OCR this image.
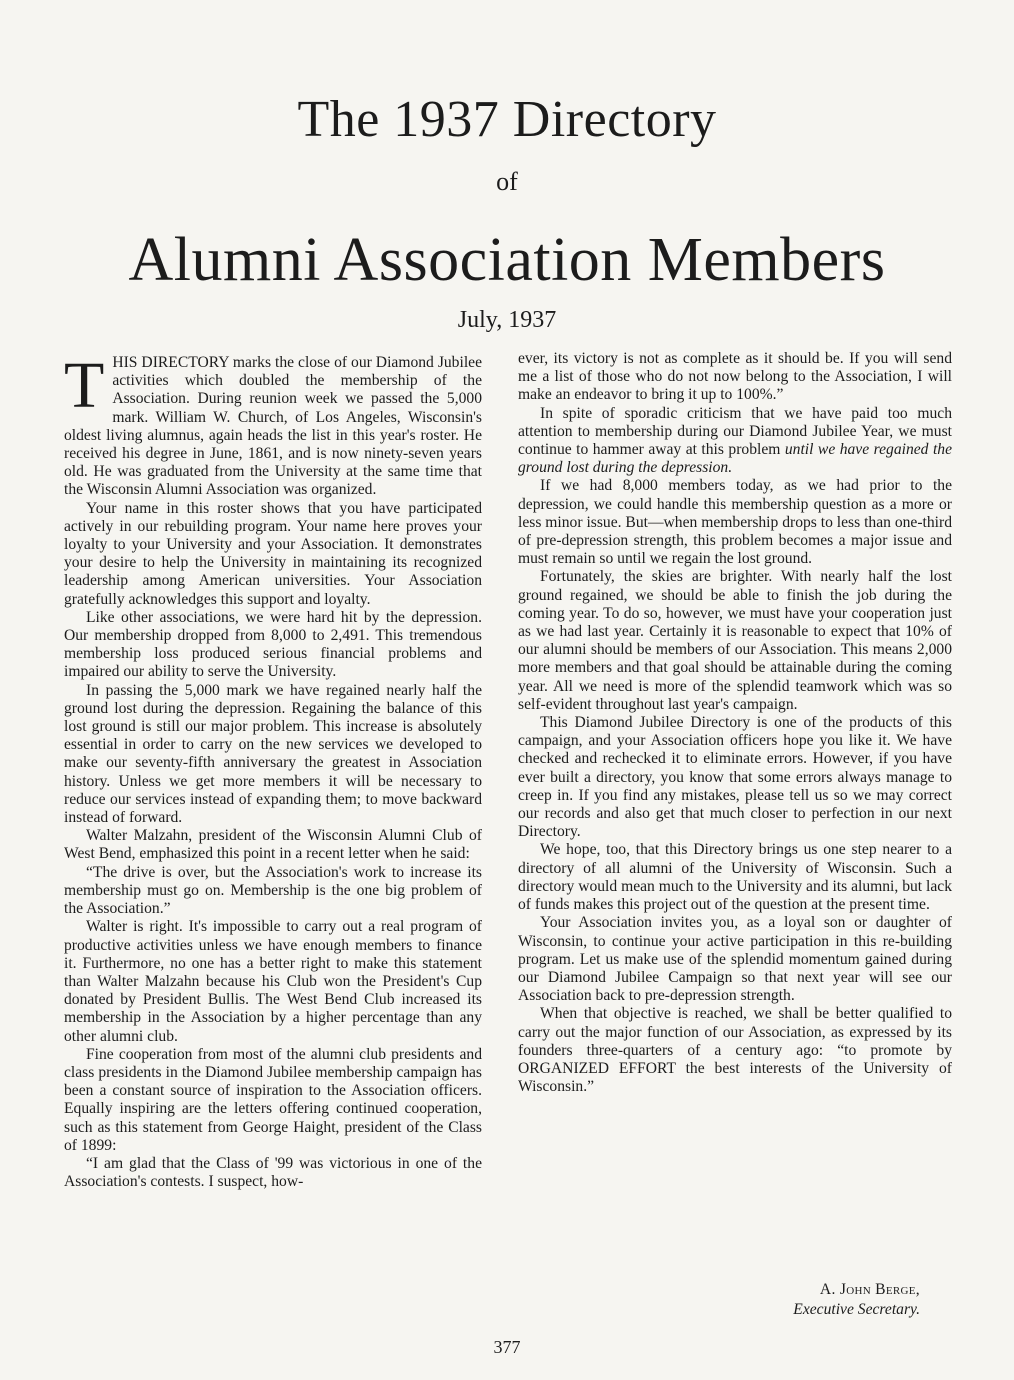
The 1937 Directory
of
Alumni Association Members
July, 1937

THIS DIRECTORY marks the close of our Diamond Jubilee activities which doubled the membership of the Association. During reunion week we passed the 5,000 mark. William W. Church, of Los Angeles, Wisconsin's oldest living alumnus, again heads the list in this year's roster. He received his degree in June, 1861, and is now ninety-seven years old. He was graduated from the University at the same time that the Wisconsin Alumni Association was organized.

Your name in this roster shows that you have participated actively in our rebuilding program. Your name here proves your loyalty to your University and your Association. It demonstrates your desire to help the University in maintaining its recognized leadership among American universities. Your Association gratefully acknowledges this support and loyalty.

Like other associations, we were hard hit by the depression. Our membership dropped from 8,000 to 2,491. This tremendous membership loss produced serious financial problems and impaired our ability to serve the University.

In passing the 5,000 mark we have regained nearly half the ground lost during the depression. Regaining the balance of this lost ground is still our major problem. This increase is absolutely essential in order to carry on the new services we developed to make our seventy-fifth anniversary the greatest in Association history. Unless we get more members it will be necessary to reduce our services instead of expanding them; to move backward instead of forward.

Walter Malzahn, president of the Wisconsin Alumni Club of West Bend, emphasized this point in a recent letter when he said:

“The drive is over, but the Association's work to increase its membership must go on. Membership is the one big problem of the Association.”

Walter is right. It's impossible to carry out a real program of productive activities unless we have enough members to finance it. Furthermore, no one has a better right to make this statement than Walter Malzahn because his Club won the President's Cup donated by President Bullis. The West Bend Club increased its membership in the Association by a higher percentage than any other alumni club.

Fine cooperation from most of the alumni club presidents and class presidents in the Diamond Jubilee membership campaign has been a constant source of inspiration to the Association officers. Equally inspiring are the letters offering continued cooperation, such as this statement from George Haight, president of the Class of 1899:

“I am glad that the Class of '99 was victorious in one of the Association's contests. I suspect, how-

ever, its victory is not as complete as it should be. If you will send me a list of those who do not now belong to the Association, I will make an endeavor to bring it up to 100%.”

In spite of sporadic criticism that we have paid too much attention to membership during our Diamond Jubilee Year, we must continue to hammer away at this problem until we have regained the ground lost during the depression.

If we had 8,000 members today, as we had prior to the depression, we could handle this membership question as a more or less minor issue. But—when membership drops to less than one-third of pre-depression strength, this problem becomes a major issue and must remain so until we regain the lost ground.

Fortunately, the skies are brighter. With nearly half the lost ground regained, we should be able to finish the job during the coming year. To do so, however, we must have your cooperation just as we had last year. Certainly it is reasonable to expect that 10% of our alumni should be members of our Association. This means 2,000 more members and that goal should be attainable during the coming year. All we need is more of the splendid teamwork which was so self-evident throughout last year's campaign.

This Diamond Jubilee Directory is one of the products of this campaign, and your Association officers hope you like it. We have checked and rechecked it to eliminate errors. However, if you have ever built a directory, you know that some errors always manage to creep in. If you find any mistakes, please tell us so we may correct our records and also get that much closer to perfection in our next Directory.

We hope, too, that this Directory brings us one step nearer to a directory of all alumni of the University of Wisconsin. Such a directory would mean much to the University and its alumni, but lack of funds makes this project out of the question at the present time.

Your Association invites you, as a loyal son or daughter of Wisconsin, to continue your active participation in this re-building program. Let us make use of the splendid momentum gained during our Diamond Jubilee Campaign so that next year will see our Association back to pre-depression strength.

When that objective is reached, we shall be better qualified to carry out the major function of our Association, as expressed by its founders three-quarters of a century ago: “to promote by ORGANIZED EFFORT the best interests of the University of Wisconsin.”

A. John Berge,
Executive Secretary.
377
